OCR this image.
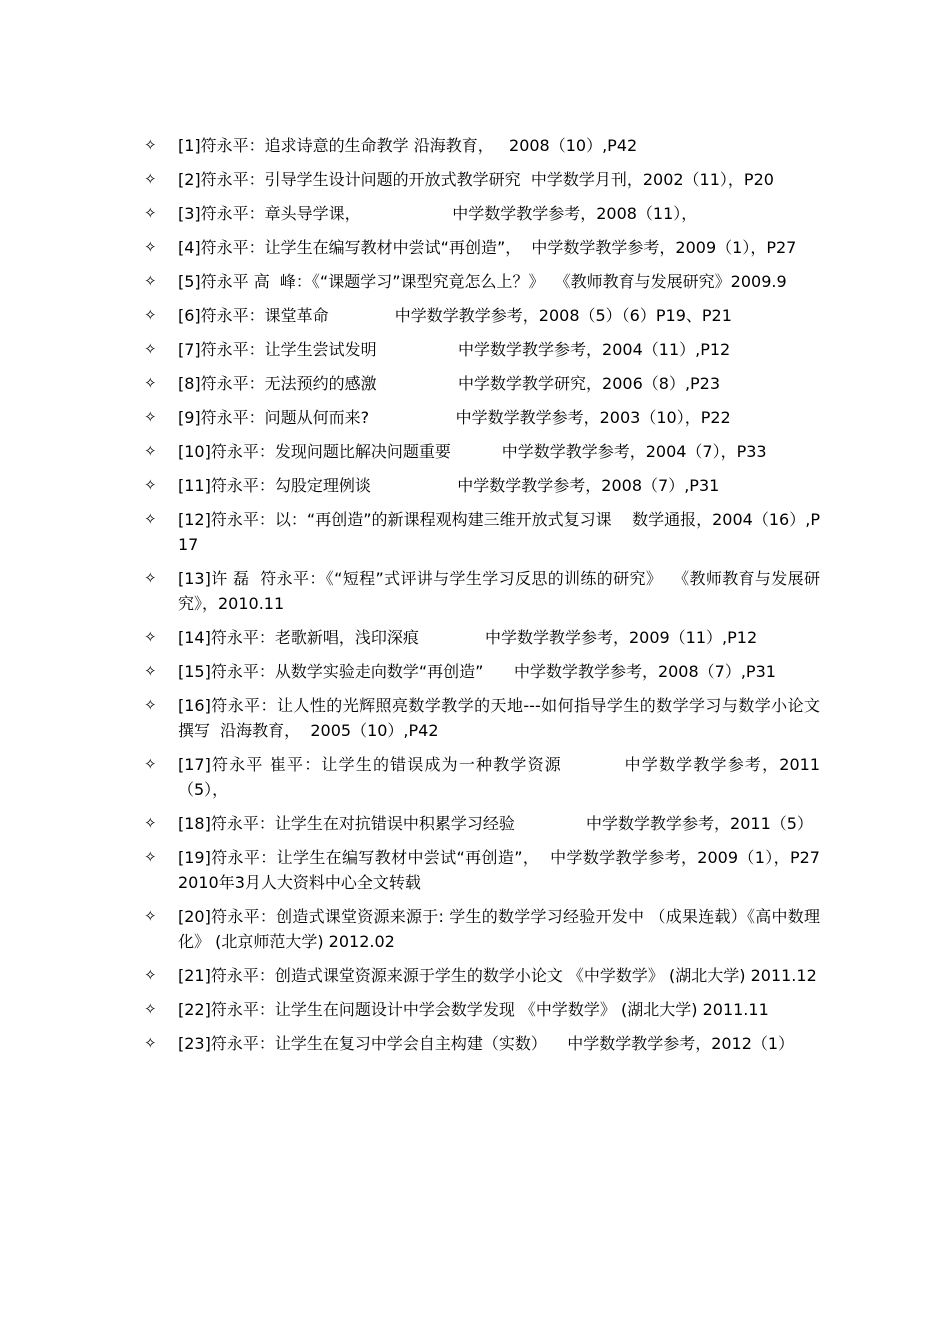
✧	[1]符永平：追求诗意的生命教学 沿海教育，   2008（10）,P42
✧	[2]符永平：引导学生设计问题的开放式教学研究  中学数学月刊，2002（11），P20
✧	[3]符永平：章头导学课，                  中学数学教学参考，2008（11），
✧	[4]符永平：让学生在编写教材中尝试“再创造”，  中学数学教学参考，2009（1），P27
✧	[5]符永平 高  峰：《“课题学习”课型究竟怎么上？》  《教师教育与发展研究》2009.9
✧	[6]符永平：课堂革命             中学数学教学参考，2008（5）（6）P19、P21
✧	[7]符永平：让学生尝试发明                中学数学教学参考，2004（11）,P12
✧	[8]符永平：无法预约的感激                中学数学教学研究，2006（8）,P23
✧	[9]符永平：问题从何而来?                 中学数学教学参考，2003（10），P22
✧	[10]符永平：发现问题比解决问题重要          中学数学教学参考，2004（7），P33
✧	[11]符永平：勾股定理例谈                 中学数学教学参考，2008（7）,P31
✧	[12]符永平：以：“再创造”的新课程观构建三维开放式复习课    数学通报，2004（16）,P17
✧	[13]许 磊  符永平：《“短程”式评讲与学生学习反思的训练的研究》  《教师教育与发展研究》，2010.11
✧	[14]符永平：老歌新唱，浅印深痕             中学数学教学参考，2009（11）,P12
✧	[15]符永平：从数学实验走向数学“再创造”      中学数学教学参考，2008（7）,P31
✧	[16]符永平：让人性的光辉照亮数学教学的天地---如何指导学生的数学学习与数学小论文撰写  沿海教育，  2005（10）,P42
✧	[17]符永平 崔平：让学生的错误成为一种教学资源          中学数学教学参考，2011（5），
✧	[18]符永平：让学生在对抗错误中积累学习经验              中学数学教学参考，2011（5）
✧	[19]符永平：让学生在编写教材中尝试“再创造”，  中学数学教学参考，2009（1），P27  2010年3月人大资料中心全文转载
✧	[20]符永平：创造式课堂资源来源于: 学生的数学学习经验开发中 （成果连载）《高中数理化》 (北京师范大学) 2012.02
✧	[21]符永平：创造式课堂资源来源于学生的数学小论文 《中学数学》 (湖北大学) 2011.12
✧	[22]符永平：让学生在问题设计中学会数学发现 《中学数学》 (湖北大学) 2011.11
✧	[23]符永平：让学生在复习中学会自主构建（实数）    中学数学教学参考，2012（1）
